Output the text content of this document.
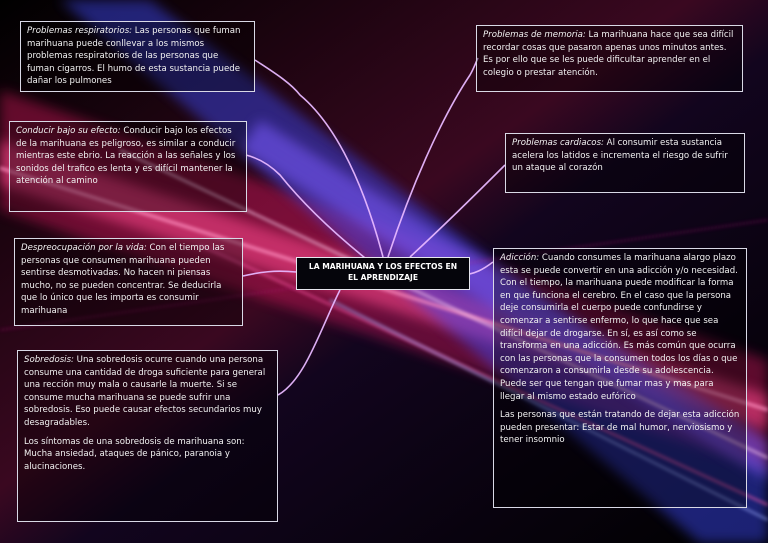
LA MARIHUANA Y LOS EFECTOS EN EL APRENDIZAJE

Problemas respiratorios: Las personas que fuman marihuana puede conllevar a los mismos problemas respiratorios de las personas que fuman cigarros. El humo de esta sustancia puede dañar los pulmones

Conducir bajo su efecto: Conducir bajo los efectos de la marihuana es peligroso, es similar a conducir mientras este ebrio. La reacción a las señales y los sonidos del trafico es lenta y es difícil mantener la atención al camino

Despreocupación por la vida: Con el tiempo las personas que consumen marihuana pueden sentirse desmotivadas. No hacen ni piensas mucho, no se pueden concentrar. Se deducirla que lo único que les importa es consumir marihuana

Sobredosis: Una sobredosis ocurre cuando una persona consume una cantidad de droga suficiente para general una rección muy mala o causarle la muerte. Si se consume mucha marihuana se puede sufrir una sobredosis. Eso puede causar efectos secundarios muy desagradables.

Los síntomas de una sobredosis de marihuana son: Mucha ansiedad, ataques de pánico, paranoia y alucinaciones.

Problemas de memoria: La marihuana hace que sea difícil recordar cosas que pasaron apenas unos minutos antes. Es por ello que se les puede dificultar aprender en el colegio o prestar atención.

Problemas cardiacos: Al consumir esta sustancia acelera los latidos e incrementa el riesgo de sufrir un ataque al corazón

Adicción: Cuando consumes la marihuana alargo plazo esta se puede convertir en una adicción y/o necesidad. Con el tiempo, la marihuana puede modificar la forma en que funciona el cerebro. En el caso que la persona deje consumirla el cuerpo puede confundirse y comenzar a sentirse enfermo, lo que hace que sea difícil dejar de drogarse. En sí, es así como se transforma en una adicción. Es más común que ocurra con las personas que la consumen todos los días o que comenzaron a consumirla desde su adolescencia. Puede ser que tengan que fumar mas y mas para llegar al mismo estado eufórico

Las personas que están tratando de dejar esta adicción pueden presentar: Estar de mal humor, nerviosismo y tener insomnio
